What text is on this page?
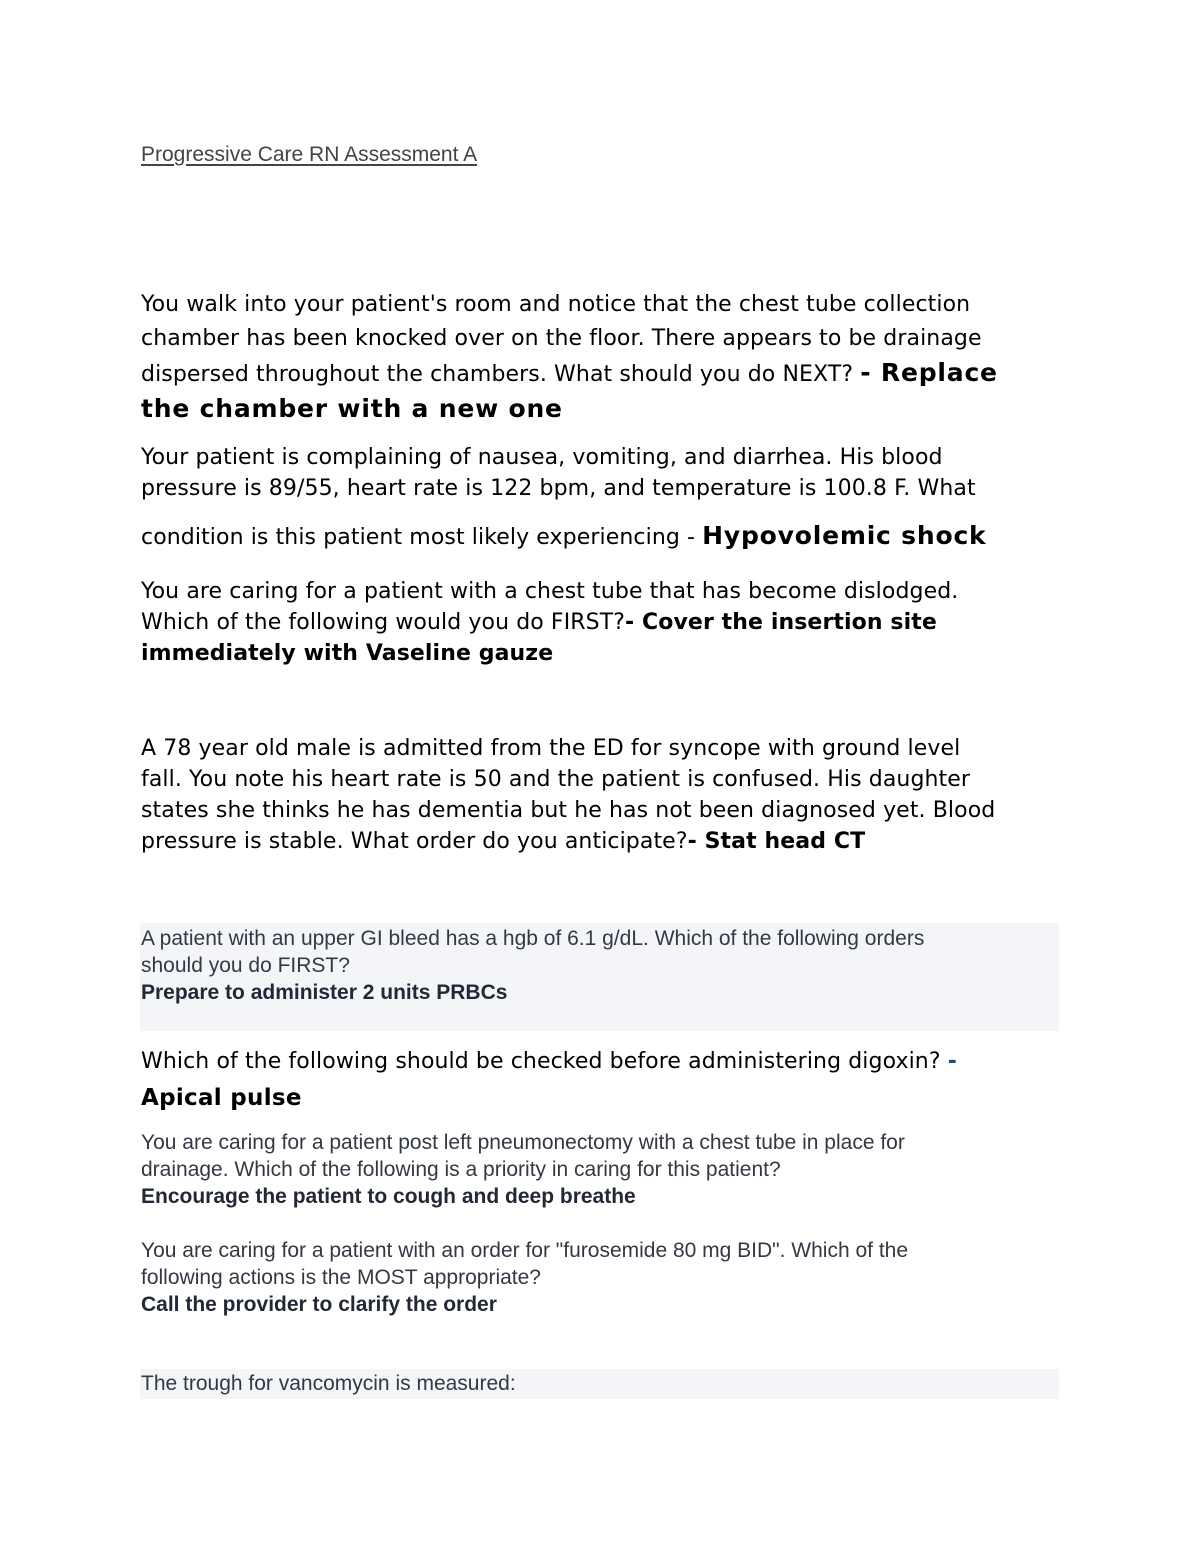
Progressive Care RN Assessment A
You walk into your patient's room and notice that the chest tube collection
chamber has been knocked over on the floor. There appears to be drainage
dispersed throughout the chambers. What should you do NEXT? - Replace
the chamber with a new one
Your patient is complaining of nausea, vomiting, and diarrhea. His blood
pressure is 89/55, heart rate is 122 bpm, and temperature is 100.8 F. What
condition is this patient most likely experiencing - Hypovolemic shock
You are caring for a patient with a chest tube that has become dislodged.
Which of the following would you do FIRST?- Cover the insertion site
immediately with Vaseline gauze
A 78 year old male is admitted from the ED for syncope with ground level
fall. You note his heart rate is 50 and the patient is confused. His daughter
states she thinks he has dementia but he has not been diagnosed yet. Blood
pressure is stable. What order do you anticipate?- Stat head CT
A patient with an upper GI bleed has a hgb of 6.1 g/dL. Which of the following orders
should you do FIRST?
Prepare to administer 2 units PRBCs
Which of the following should be checked before administering digoxin? -
Apical pulse
You are caring for a patient post left pneumonectomy with a chest tube in place for
drainage. Which of the following is a priority in caring for this patient?
Encourage the patient to cough and deep breathe
You are caring for a patient with an order for "furosemide 80 mg BID". Which of the
following actions is the MOST appropriate?
Call the provider to clarify the order
The trough for vancomycin is measured:
